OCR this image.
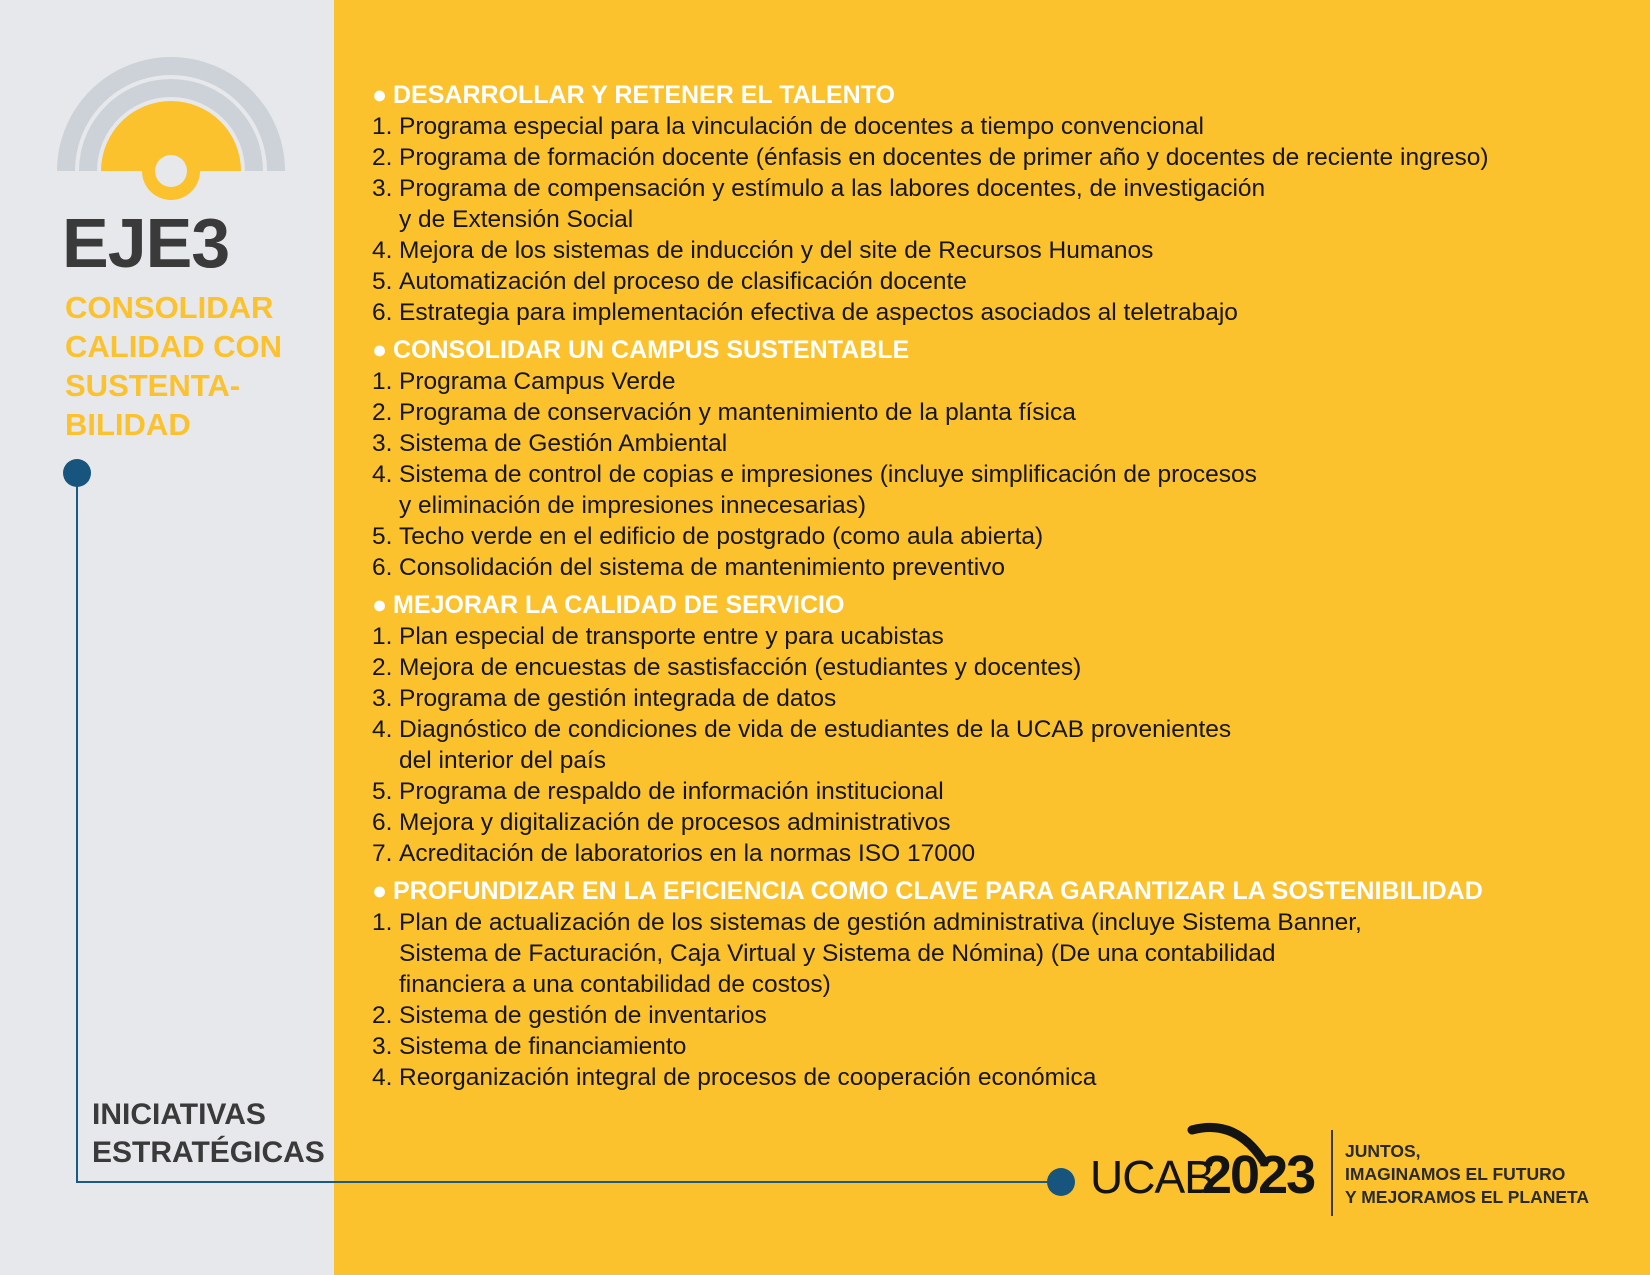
EJE3
CONSOLIDAR
CALIDAD CON
SUSTENTA-
BILIDAD
INICIATIVAS
ESTRATÉGICAS
● DESARROLLAR Y RETENER EL TALENTO
1. Programa especial para la vinculación de docentes a tiempo convencional
2. Programa de formación docente (énfasis en docentes de primer año y docentes de reciente ingreso)
3. Programa de compensación y estímulo a las labores docentes, de investigación
y de Extensión Social
4. Mejora de los sistemas de inducción y del site de Recursos Humanos
5. Automatización del proceso de clasificación docente
6. Estrategia para implementación efectiva de aspectos asociados al teletrabajo
● CONSOLIDAR UN CAMPUS SUSTENTABLE
1. Programa Campus Verde
2. Programa de conservación y mantenimiento de la planta física
3. Sistema de Gestión Ambiental
4. Sistema de control de copias e impresiones (incluye simplificación de procesos
y eliminación de impresiones innecesarias)
5. Techo verde en el edificio de postgrado (como aula abierta)
6. Consolidación del sistema de mantenimiento preventivo
● MEJORAR LA CALIDAD DE SERVICIO
1. Plan especial de transporte entre y para ucabistas
2. Mejora de encuestas de sastisfacción (estudiantes y docentes)
3. Programa de gestión integrada de datos
4. Diagnóstico de condiciones de vida de estudiantes de la UCAB provenientes
del interior del país
5. Programa de respaldo de información institucional
6. Mejora y digitalización de procesos administrativos
7. Acreditación de laboratorios en la normas ISO 17000
● PROFUNDIZAR EN LA EFICIENCIA COMO CLAVE PARA GARANTIZAR LA SOSTENIBILIDAD
1. Plan de actualización de los sistemas de gestión administrativa (incluye Sistema Banner,
Sistema de Facturación, Caja Virtual y Sistema de Nómina) (De una contabilidad
financiera a una contabilidad de costos)
2. Sistema de gestión de inventarios
3. Sistema de financiamiento
4. Reorganización integral de procesos de cooperación económica
UCAB
2023 JUNTOS,
IMAGINAMOS EL FUTURO
Y MEJORAMOS EL PLANETA
